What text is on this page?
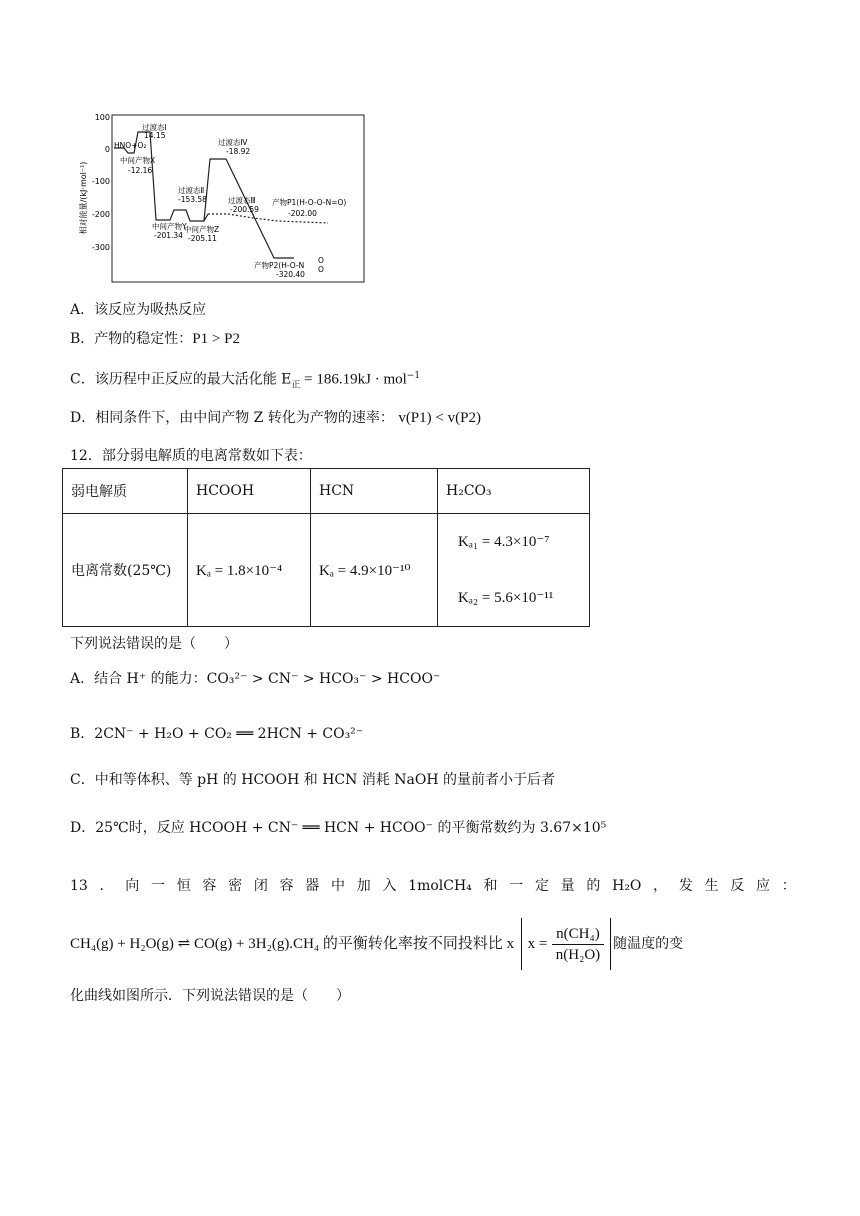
相对能量/(kJ·mol⁻¹)
100
0
-100
-200
-300
HNO+O₂
过渡态Ⅰ
14.15
中间产物X
-12.16
过渡态Ⅳ
-18.92
过渡态Ⅱ
-153.58	过渡态Ⅲ
-200.59
产物P1(H-O-O-N=O)
-202.00
中间产物Y
-201.34
中间产物Z
-205.11
产物P2(H-O-N
O
O
-320.40
A．该反应为吸热反应
B．产物的稳定性：P1 > P2
C．该历程中正反应的最大活化能 $E_正 = 186.19kJ \cdot mol^{-1}$
D．相同条件下，由中间产物 Z 转化为产物的速率： v(P1) < v(P2)
12．部分弱电解质的电离常数如下表：
弱电解质	HCOOH	HCN	H₂CO₃
电离常数(25℃)	Kₐ = 1.8×10⁻⁴	Kₐ = 4.9×10⁻¹⁰	Kₐ₁ = 4.3×10⁻⁷
Kₐ₂ = 5.6×10⁻¹¹
下列说法错误的是（　　）
A．结合 H⁺ 的能力：CO₃²⁻ > CN⁻ > HCO₃⁻ > HCOO⁻
B．2CN⁻ + H₂O + CO₂ ══ 2HCN + CO₃²⁻
C．中和等体积、等 pH 的 HCOOH 和 HCN 消耗 NaOH 的量前者小于后者
D．25℃时，反应 HCOOH + CN⁻ ══ HCN + HCOO⁻ 的平衡常数约为 3.67×10⁵
13 ． 向 一 恒 容 密 闭 容 器 中 加 入 1molCH₄ 和 一 定 量 的 H₂O ， 发 生 反 应 ：
CH₄(g) + H₂O(g) ⇌ CO(g) + 3H₂(g).CH₄ 的平衡转化率按不同投料比 x $x = \frac{\text{n(CH₄)}}{\text{n(H₂O)}}$ 随温度的变
化曲线如图所示．下列说法错误的是（　　）
